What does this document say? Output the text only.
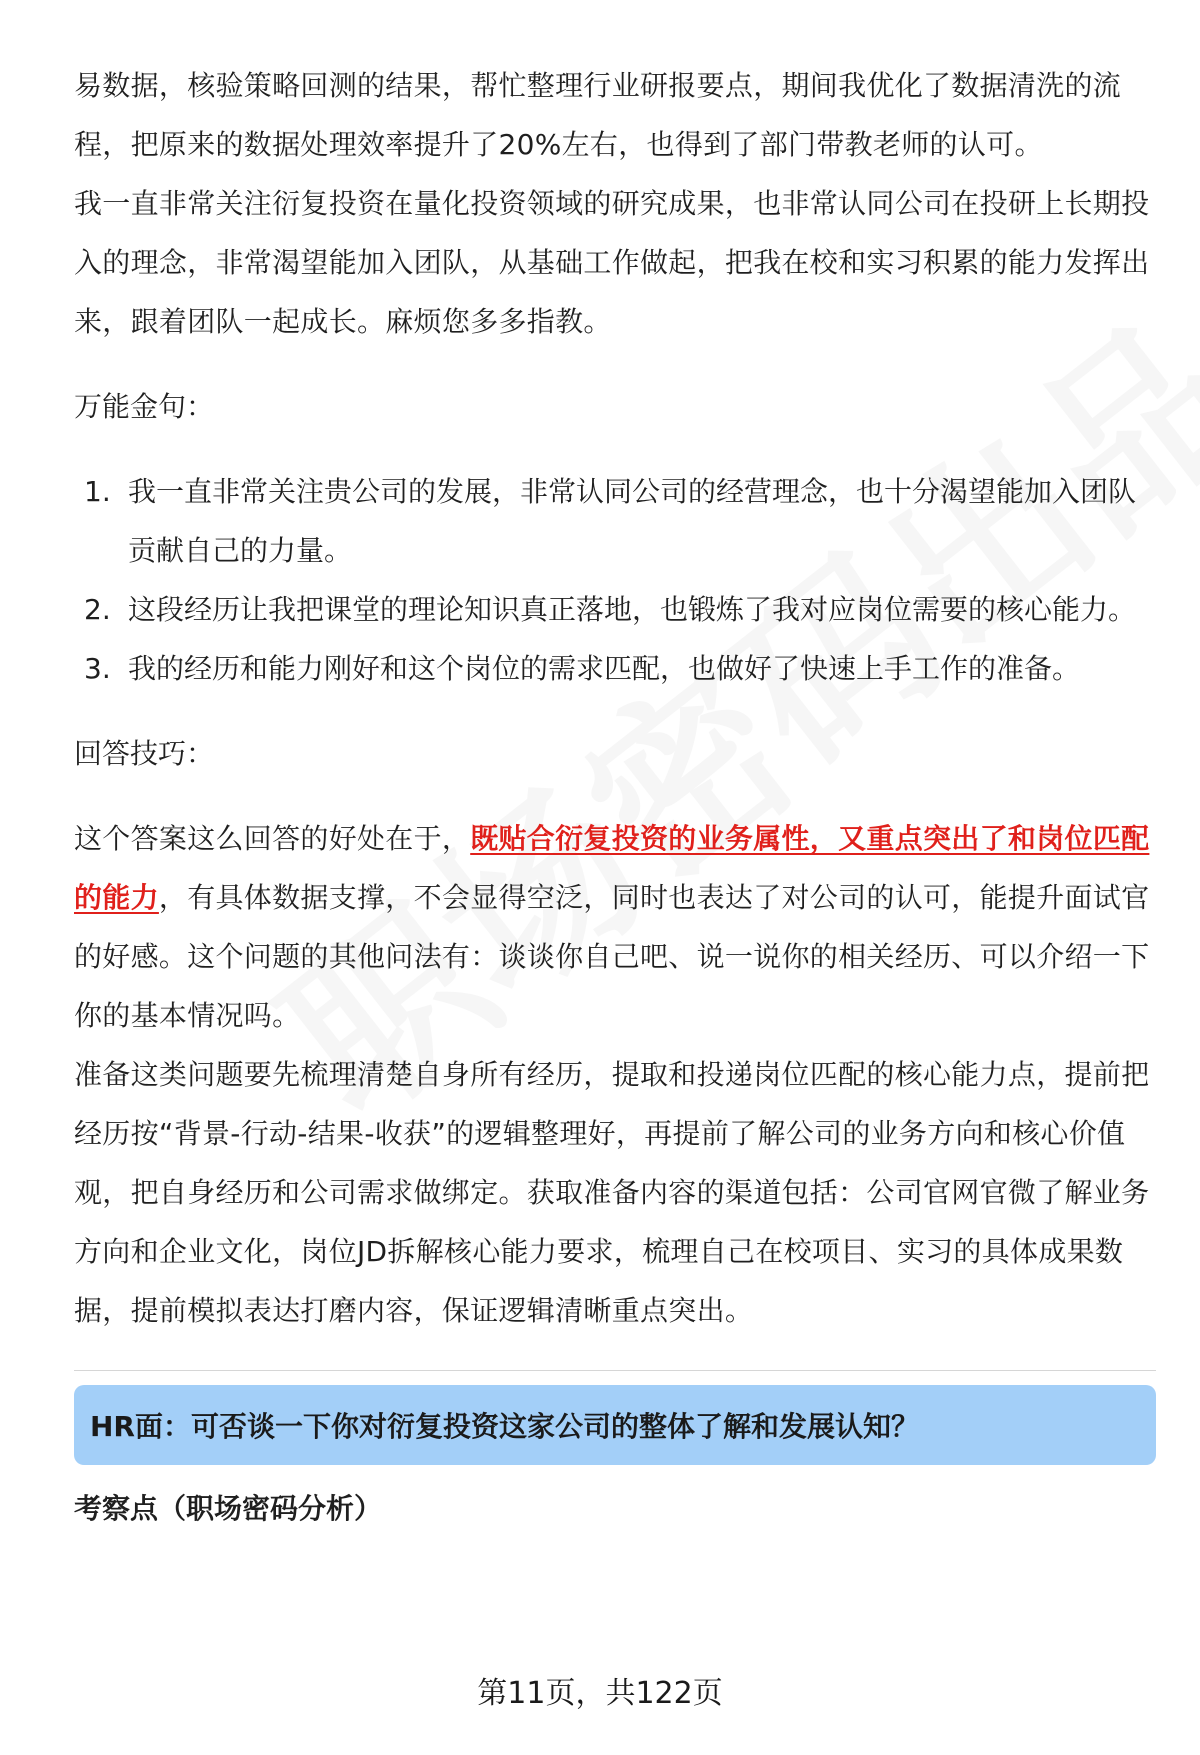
易数据，核验策略回测的结果，帮忙整理行业研报要点，期间我优化了数据清洗的流程，把原来的数据处理效率提升了20%左右，也得到了部门带教老师的认可。

我一直非常关注衍复投资在量化投资领域的研究成果，也非常认同公司在投研上长期投入的理念，非常渴望能加入团队，从基础工作做起，把我在校和实习积累的能力发挥出来，跟着团队一起成长。麻烦您多多指教。

万能金句：

1. 我一直非常关注贵公司的发展，非常认同公司的经营理念，也十分渴望能加入团队贡献自己的力量。
2. 这段经历让我把课堂的理论知识真正落地，也锻炼了我对应岗位需要的核心能力。
3. 我的经历和能力刚好和这个岗位的需求匹配，也做好了快速上手工作的准备。

回答技巧：

这个答案这么回答的好处在于，既贴合衍复投资的业务属性，又重点突出了和岗位匹配的能力，有具体数据支撑，不会显得空泛，同时也表达了对公司的认可，能提升面试官的好感。这个问题的其他问法有：谈谈你自己吧、说一说你的相关经历、可以介绍一下你的基本情况吗。

准备这类问题要先梳理清楚自身所有经历，提取和投递岗位匹配的核心能力点，提前把经历按“背景-行动-结果-收获”的逻辑整理好，再提前了解公司的业务方向和核心价值观，把自身经历和公司需求做绑定。获取准备内容的渠道包括：公司官网官微了解业务方向和企业文化，岗位JD拆解核心能力要求，梳理自己在校项目、实习的具体成果数据，提前模拟表达打磨内容，保证逻辑清晰重点突出。

HR面：可否谈一下你对衍复投资这家公司的整体了解和发展认知？

考察点（职场密码分析）

第11页，共122页
